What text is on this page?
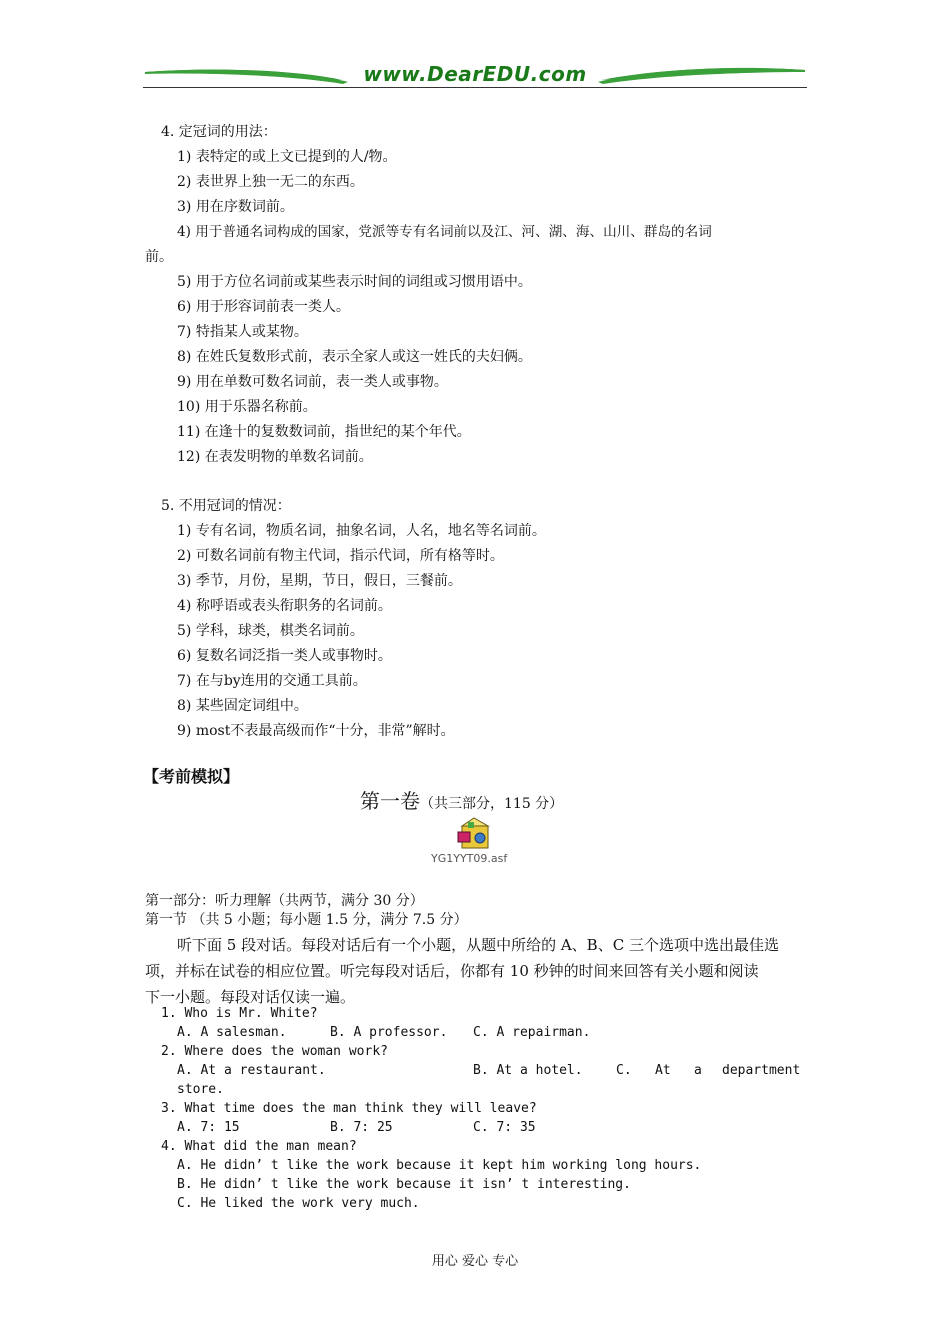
www.DearEDU.com
4. 定冠词的用法：
1) 表特定的或上文已提到的人/物。
2) 表世界上独一无二的东西。
3) 用在序数词前。
4) 用于普通名词构成的国家，党派等专有名词前以及江、河、湖、海、山川、群岛的名词
前。
5) 用于方位名词前或某些表示时间的词组或习惯用语中。
6) 用于形容词前表一类人。
7) 特指某人或某物。
8) 在姓氏复数形式前，表示全家人或这一姓氏的夫妇俩。
9) 用在单数可数名词前，表一类人或事物。
10) 用于乐器名称前。
11) 在逢十的复数数词前，指世纪的某个年代。
12) 在表发明物的单数名词前。
5. 不用冠词的情况：
1) 专有名词，物质名词，抽象名词，人名，地名等名词前。
2) 可数名词前有物主代词，指示代词，所有格等时。
3) 季节，月份，星期，节日，假日，三餐前。
4) 称呼语或表头衔职务的名词前。
5) 学科，球类，棋类名词前。
6) 复数名词泛指一类人或事物时。
7) 在与by连用的交通工具前。
8) 某些固定词组中。
9) most不表最高级而作“十分，非常”解时。
【考前模拟】
第一卷（共三部分，115 分）
YG1YYT09.asf
第一部分：听力理解（共两节，满分 30 分）
第一节 （共 5 小题；每小题 1.5 分，满分 7.5 分）
听下面 5 段对话。每段对话后有一个小题，从题中所给的 A、B、C 三个选项中选出最佳选
项，并标在试卷的相应位置。听完每段对话后，你都有 10 秒钟的时间来回答有关小题和阅读
下一小题。每段对话仅读一遍。
1. Who is Mr. White?
A. A salesman.	B. A professor. C. A repairman.
2. Where does the woman work?
A. At a restaurant.	B. At a hotel.	C. At a department
store.
3. What time does the man think they will leave?
A. 7: 15	B. 7: 25	C. 7: 35
4. What did the man mean?
A. He didn’ t like the work because it kept him working long hours.
B. He didn’ t like the work because it isn’ t interesting.
C. He liked the work very much.
用心 爱心 专心
